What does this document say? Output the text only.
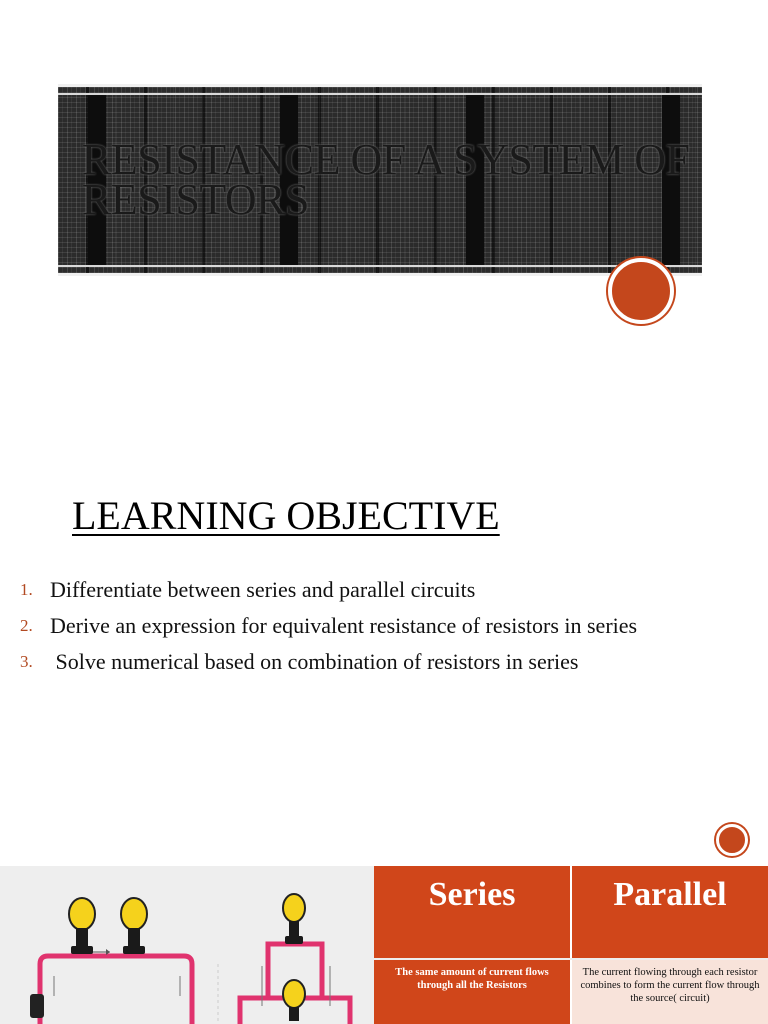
RESISTANCE OF A SYSTEM OF RESISTORS
LEARNING OBJECTIVE
1. Differentiate between series and parallel circuits
2. Derive an expression for equivalent resistance of resistors in series
3. Solve numerical based on combination of resistors in series
Series	Parallel
The same amount of current flows through all the Resistors
The current flowing through each resistor combines to form the current flow through the source( circuit)
